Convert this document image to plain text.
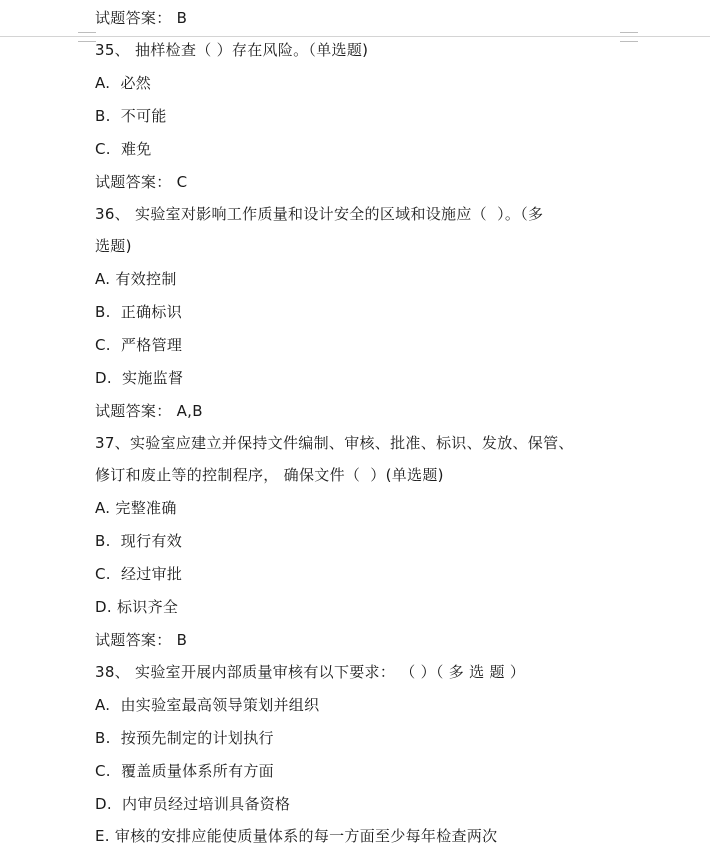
试题答案： B
35、 抽样检查（ ）存在风险。（单选题)
A.  必然
B.  不可能
C.  难免
试题答案： C
36、 实验室对影响工作质量和设计安全的区域和设施应（  ）。（多
选题)
A. 有效控制
B.  正确标识
C.  严格管理
D.  实施监督
试题答案： A,B
37、实验室应建立并保持文件编制、审核、批准、标识、发放、保管、
修订和废止等的控制程序， 确保文件（  ）(单选题)
A. 完整准确
B.  现行有效
C.  经过审批
D. 标识齐全
试题答案： B
38、 实验室开展内部质量审核有以下要求： （ ）（ 多 选 题 ）
A.  由实验室最高领导策划并组织
B.  按预先制定的计划执行
C.  覆盖质量体系所有方面
D.  内审员经过培训具备资格
E. 审核的安排应能使质量体系的每一方面至少每年检查两次
